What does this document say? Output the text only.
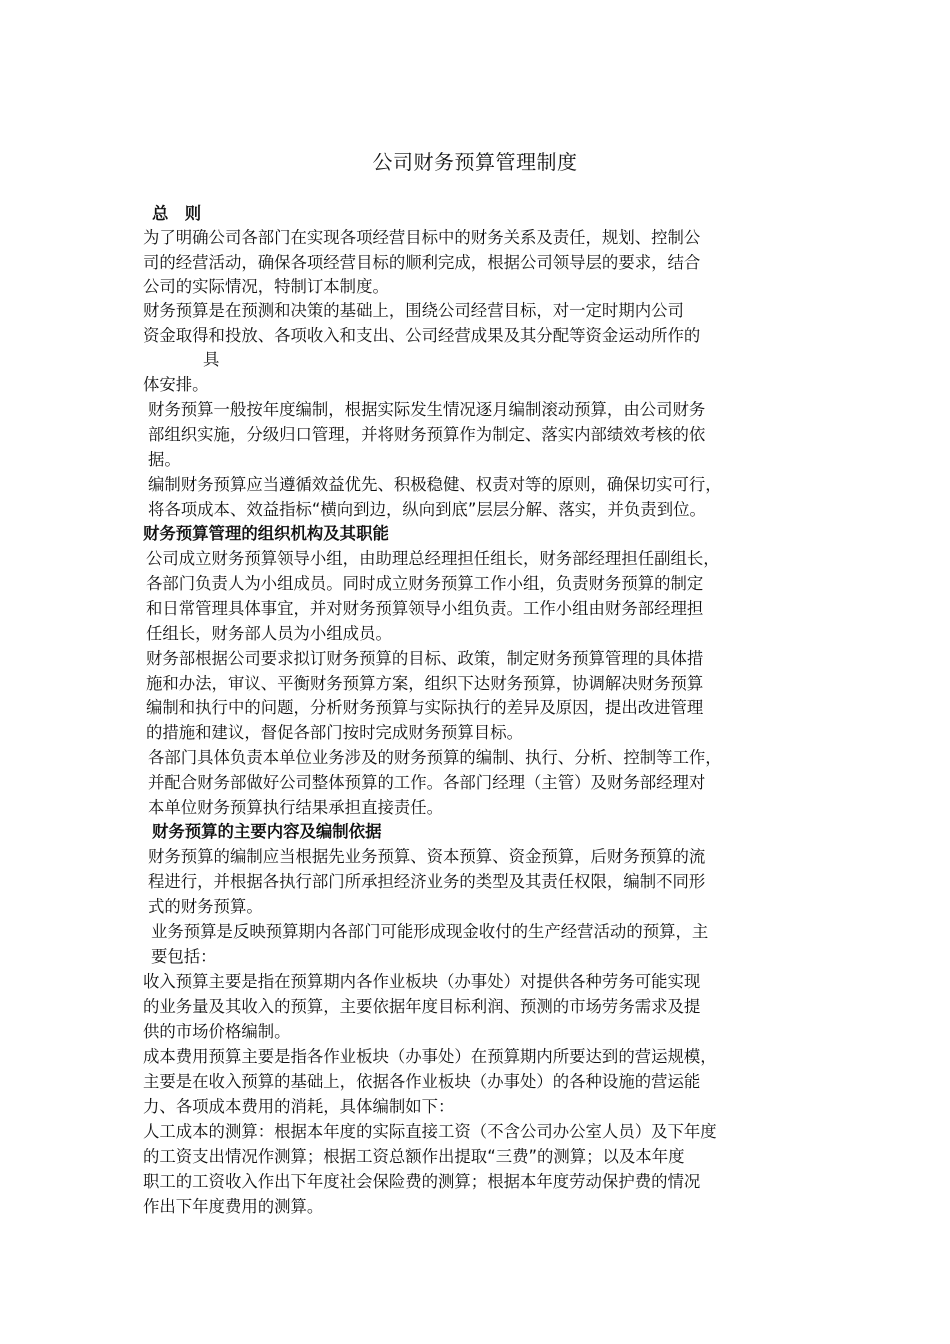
公司财务预算管理制度
总　则
为了明确公司各部门在实现各项经营目标中的财务关系及责任，规划、控制公
司的经营活动，确保各项经营目标的顺利完成，根据公司领导层的要求，结合
公司的实际情况，特制订本制度。
财务预算是在预测和决策的基础上，围绕公司经营目标，对一定时期内公司
资金取得和投放、各项收入和支出、公司经营成果及其分配等资金运动所作的
具
体安排。
财务预算一般按年度编制，根据实际发生情况逐月编制滚动预算，由公司财务
部组织实施，分级归口管理，并将财务预算作为制定、落实内部绩效考核的依
据。
编制财务预算应当遵循效益优先、积极稳健、权责对等的原则，确保切实可行，
将各项成本、效益指标“横向到边，纵向到底”层层分解、落实，并负责到位。
财务预算管理的组织机构及其职能
公司成立财务预算领导小组，由助理总经理担任组长，财务部经理担任副组长，
各部门负责人为小组成员。同时成立财务预算工作小组，负责财务预算的制定
和日常管理具体事宜，并对财务预算领导小组负责。工作小组由财务部经理担
任组长，财务部人员为小组成员。
财务部根据公司要求拟订财务预算的目标、政策，制定财务预算管理的具体措
施和办法，审议、平衡财务预算方案，组织下达财务预算，协调解决财务预算
编制和执行中的问题，分析财务预算与实际执行的差异及原因，提出改进管理
的措施和建议，督促各部门按时完成财务预算目标。
各部门具体负责本单位业务涉及的财务预算的编制、执行、分析、控制等工作，
并配合财务部做好公司整体预算的工作。各部门经理（主管）及财务部经理对
本单位财务预算执行结果承担直接责任。
财务预算的主要内容及编制依据
财务预算的编制应当根据先业务预算、资本预算、资金预算，后财务预算的流
程进行，并根据各执行部门所承担经济业务的类型及其责任权限，编制不同形
式的财务预算。
业务预算是反映预算期内各部门可能形成现金收付的生产经营活动的预算，主
要包括：
收入预算主要是指在预算期内各作业板块（办事处）对提供各种劳务可能实现
的业务量及其收入的预算，主要依据年度目标利润、预测的市场劳务需求及提
供的市场价格编制。
成本费用预算主要是指各作业板块（办事处）在预算期内所要达到的营运规模，
主要是在收入预算的基础上，依据各作业板块（办事处）的各种设施的营运能
力、各项成本费用的消耗，具体编制如下：
人工成本的测算：根据本年度的实际直接工资（不含公司办公室人员）及下年度
的工资支出情况作测算；根据工资总额作出提取“三费”的测算；以及本年度
职工的工资收入作出下年度社会保险费的测算；根据本年度劳动保护费的情况
作出下年度费用的测算。
